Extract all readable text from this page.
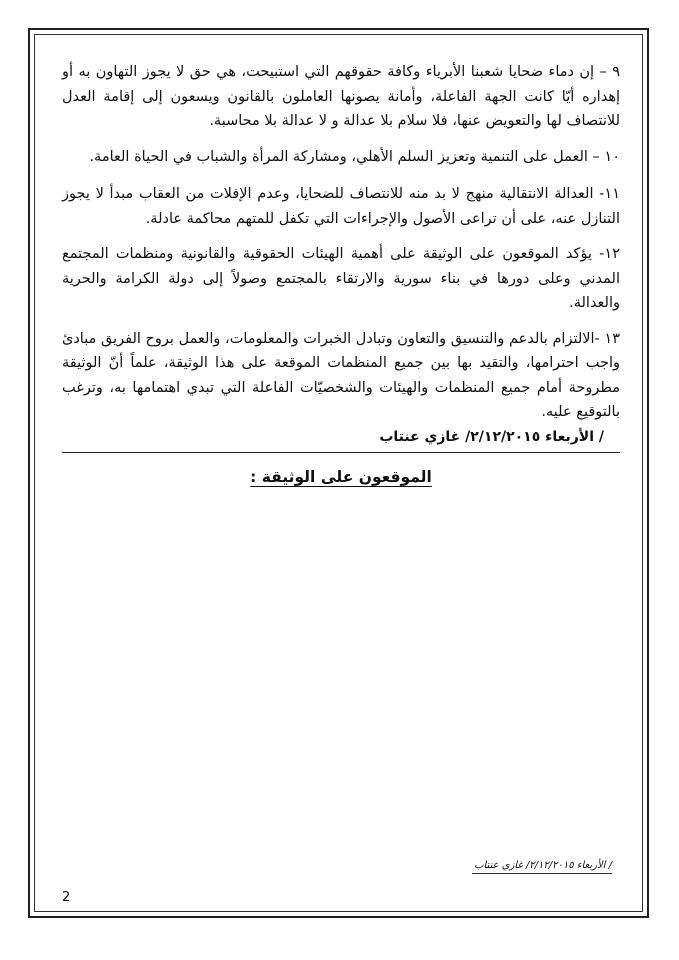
٩ – إن دماء ضحايا شعبنا الأبرياء وكافة حقوقهم التي استبيحت، هي حق لا يجوز التهاون به أو إهداره أيّا كانت الجهة الفاعلة، وأمانة يصونها العاملون بالقانون ويسعون إلى إقامة العدل للانتصاف لها والتعويض عنها، فلا سلام بلا عدالة و لا عدالة بلا محاسبة.

١٠ – العمل على التنمية وتعزيز السلم الأهلي، ومشاركة المرأة والشباب في الحياة العامة.

١١- العدالة الانتقالية منهج لا بد منه للانتصاف للضحايا، وعدم الإفلات من العقاب مبدأ لا يجوز التنازل عنه، على أن تراعى الأصول والإجراءات التي تكفل للمتهم محاكمة عادلة.

١٢- يؤكد الموقعون على الوثيقة على أهمية الهيئات الحقوقية والقانونية ومنظمات المجتمع المدني وعلى دورها في بناء سورية والارتقاء بالمجتمع وصولاً إلى دولة الكرامة والحرية والعدالة.

١٣ -الالتزام بالدعم والتنسيق والتعاون وتبادل الخبرات والمعلومات، والعمل بروح الفريق مبادئ واجب احترامها، والتقيد بها بين جميع المنظمات الموقعة على هذا الوثيقة، علماً أنّ الوثيقة مطروحة أمام جميع المنظمات والهيئات والشخصيّات الفاعلة التي تبدي اهتمامها به، وترغب بالتوقيع عليه.

/ الأربعاء ٢/١٢/٢٠١٥/ غازي عنتاب
الموقعون على الوثيقة :
/ الأربعاء ٢/١٢/٢٠١٥/ غازي عنتاب
2
